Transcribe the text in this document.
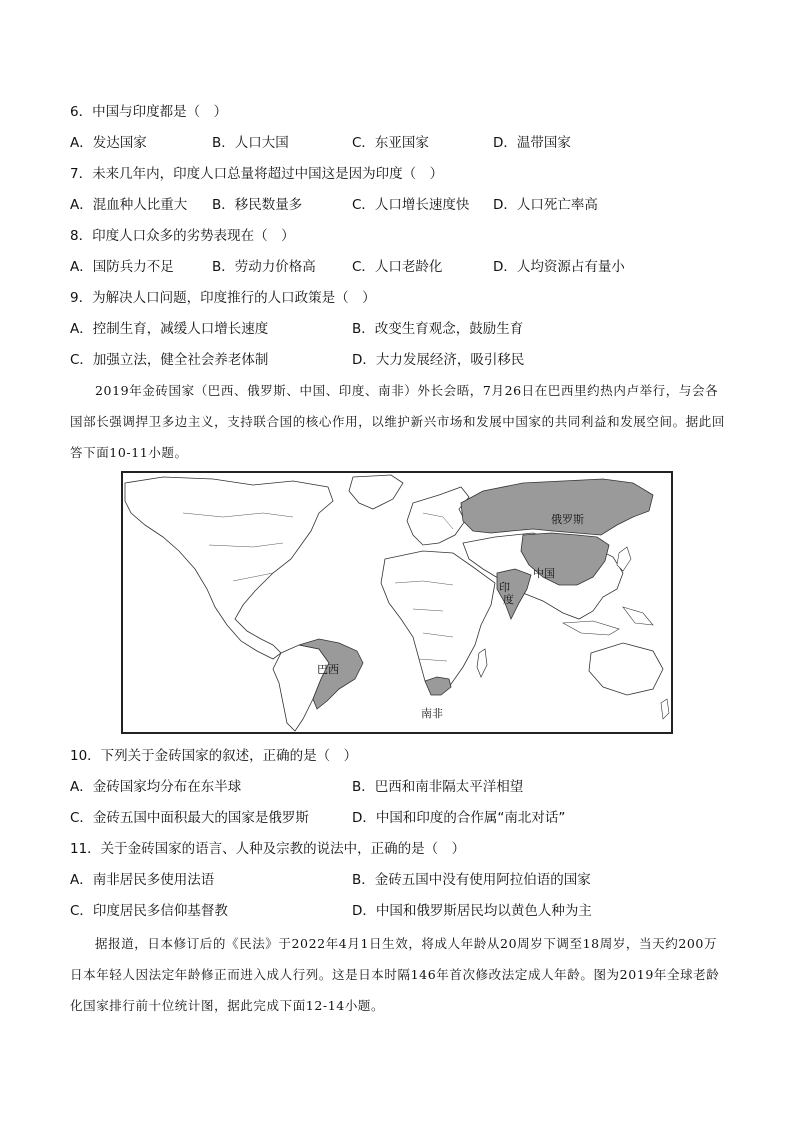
6．中国与印度都是（　）
A．发达国家	B．人口大国	C．东亚国家	D．温带国家
7．未来几年内，印度人口总量将超过中国这是因为印度（　）
A．混血种人比重大 B．移民数量多	C．人口增长速度快 D．人口死亡率高
8．印度人口众多的劣势表现在（　）
A．国防兵力不足	B．劳动力价格高	C．人口老龄化	D．人均资源占有量小
9．为解决人口问题，印度推行的人口政策是（　）
A．控制生育，减缓人口增长速度	B．改变生育观念，鼓励生育
C．加强立法，健全社会养老体制	D．大力发展经济，吸引移民
2019年金砖国家（巴西、俄罗斯、中国、印度、南非）外长会晤，7月26日在巴西里约热内卢举行，与会各国部长强调捍卫多边主义，支持联合国的核心作用，以维护新兴市场和发展中国家的共同利益和发展空间。据此回答下面10-11小题。
俄罗斯
中国
印
度
巴西
南非
10．下列关于金砖国家的叙述，正确的是（　）
A．金砖国家均分布在东半球	B．巴西和南非隔太平洋相望
C．金砖五国中面积最大的国家是俄罗斯	D．中国和印度的合作属“南北对话”
11．关于金砖国家的语言、人种及宗教的说法中，正确的是（　）
A．南非居民多使用法语	B．金砖五国中没有使用阿拉伯语的国家
C．印度居民多信仰基督教	D．中国和俄罗斯居民均以黄色人种为主
据报道，日本修订后的《民法》于2022年4月1日生效，将成人年龄从20周岁下调至18周岁，当天约200万日本年轻人因法定年龄修正而进入成人行列。这是日本时隔146年首次修改法定成人年龄。图为2019年全球老龄化国家排行前十位统计图，据此完成下面12-14小题。
